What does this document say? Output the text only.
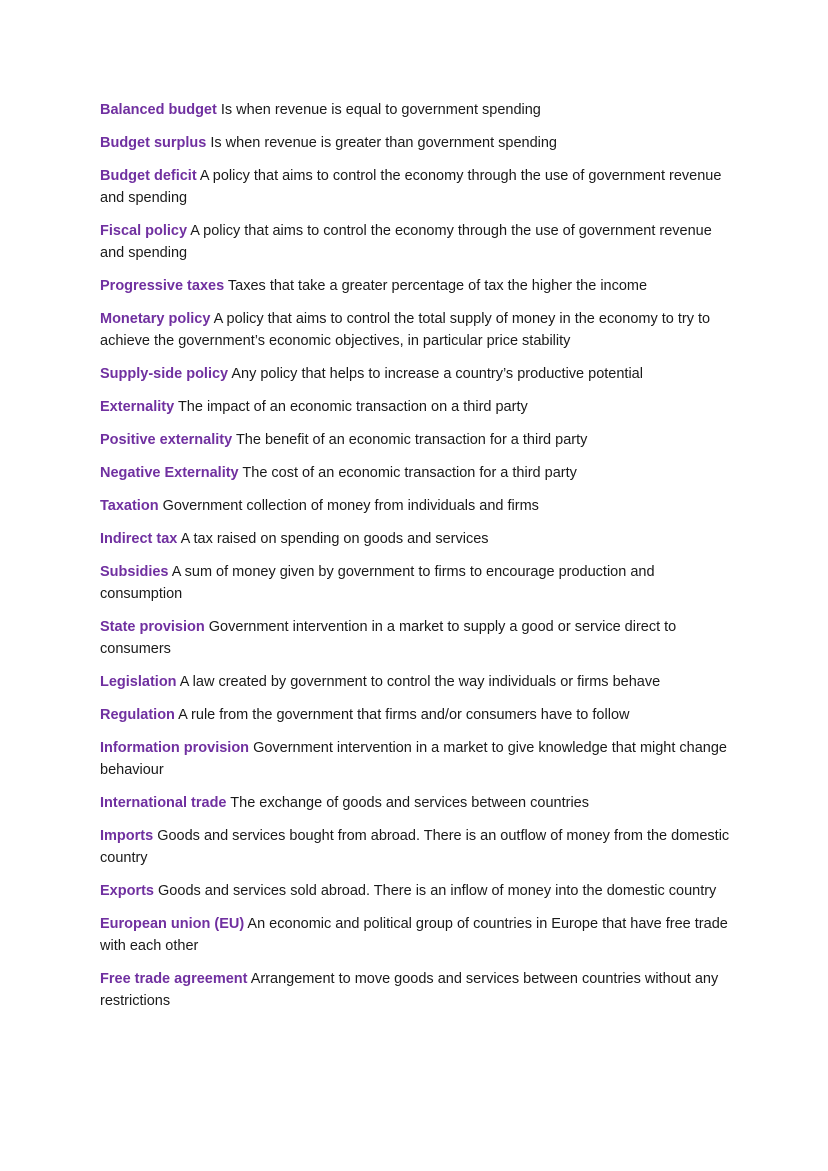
Balanced budget Is when revenue is equal to government spending

Budget surplus Is when revenue is greater than government spending

Budget deficit A policy that aims to control the economy through the use of government revenue and spending

Fiscal policy A policy that aims to control the economy through the use of government revenue and spending

Progressive taxes Taxes that take a greater percentage of tax the higher the income

Monetary policy A policy that aims to control the total supply of money in the economy to try to achieve the government’s economic objectives, in particular price stability

Supply-side policy Any policy that helps to increase a country’s productive potential

Externality The impact of an economic transaction on a third party

Positive externality The benefit of an economic transaction for a third party

Negative Externality The cost of an economic transaction for a third party

Taxation Government collection of money from individuals and firms

Indirect tax A tax raised on spending on goods and services

Subsidies A sum of money given by government to firms to encourage production and consumption

State provision Government intervention in a market to supply a good or service direct to consumers

Legislation A law created by government to control the way individuals or firms behave

Regulation A rule from the government that firms and/or consumers have to follow

Information provision Government intervention in a market to give knowledge that might change behaviour

International trade The exchange of goods and services between countries

Imports Goods and services bought from abroad. There is an outflow of money from the domestic country

Exports Goods and services sold abroad. There is an inflow of money into the domestic country

European union (EU) An economic and political group of countries in Europe that have free trade with each other

Free trade agreement Arrangement to move goods and services between countries without any restrictions
